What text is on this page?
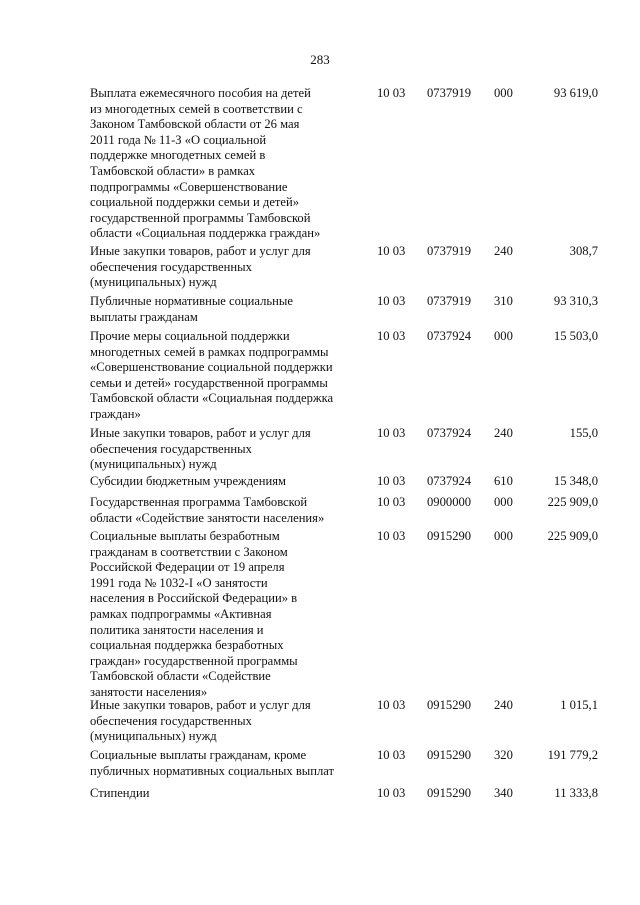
283
Выплата ежемесячного пособия на детей
из многодетных семей в соответствии с
Законом Тамбовской области от 26 мая
2011 года № 11-З «О социальной
поддержке многодетных семей в
Тамбовской области» в рамках
подпрограммы «Совершенствование
социальной поддержки семьи и детей»
государственной программы Тамбовской
области «Социальная поддержка граждан»
10 03	0737919	000	93 619,0
Иные закупки товаров, работ и услуг для
обеспечения государственных
(муниципальных) нужд
10 03	0737919	240	308,7
Публичные нормативные социальные
выплаты гражданам
10 03	0737919	310	93 310,3
Прочие меры социальной поддержки
многодетных семей в рамках подпрограммы
«Совершенствование социальной поддержки
семьи и детей» государственной программы
Тамбовской области «Социальная поддержка
граждан»
10 03	0737924	000	15 503,0
Иные закупки товаров, работ и услуг для
обеспечения государственных
(муниципальных) нужд
10 03	0737924	240	155,0
Субсидии бюджетным учреждениям	10 03	0737924	610	15 348,0
Государственная программа Тамбовской
области «Содействие занятости населения»
10 03	0900000	000	225 909,0
Социальные выплаты безработным
гражданам в соответствии с Законом
Российской Федерации от 19 апреля
1991 года № 1032-I «О занятости
населения в Российской Федерации» в
рамках подпрограммы «Активная
политика занятости населения и
социальная поддержка безработных
граждан» государственной программы
Тамбовской области «Содействие
занятости населения»
10 03	0915290	000	225 909,0
Иные закупки товаров, работ и услуг для
обеспечения государственных
(муниципальных) нужд
10 03	0915290	240	1 015,1
Социальные выплаты гражданам, кроме
публичных нормативных социальных выплат
10 03	0915290	320	191 779,2
Стипендии	10 03	0915290	340	11 333,8
